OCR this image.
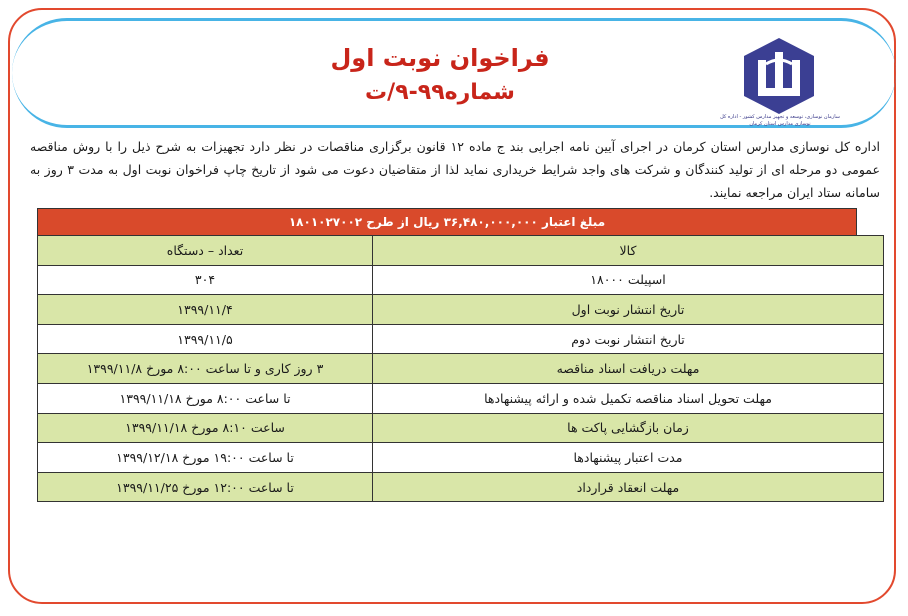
سازمان نوسازی، توسعه و تجهیز مدارس کشور - اداره کل نوسازی مدارس استان کرمان
فراخوان نوبت اول
شماره۹۹-۹/ت
اداره کل نوسازی مدارس استان کرمان در اجرای آیین نامه اجرایی بند ج ماده ۱۲ قانون برگزاری مناقصات در نظر دارد تجهیزات به شرح ذیل را با روش مناقصه عمومی دو مرحله ای از تولید کنندگان و شرکت های واجد شرایط خریداری نماید لذا از متقاضیان دعوت می شود از تاریخ چاپ فراخوان نوبت اول به مدت ۳ روز به سامانه ستاد ایران مراجعه نمایند.
مبلغ اعتبار ۳۶,۴۸۰,۰۰۰,۰۰۰ ریال از طرح ۱۸۰۱۰۲۷۰۰۲
کالا	تعداد – دستگاه
اسپیلت ۱۸۰۰۰	۳۰۴
تاریخ انتشار نوبت اول	۱۳۹۹/۱۱/۴
تاریخ انتشار نوبت دوم	۱۳۹۹/۱۱/۵
مهلت دریافت اسناد مناقصه	۳ روز کاری و تا ساعت ۸:۰۰ مورخ ۱۳۹۹/۱۱/۸
مهلت تحویل اسناد مناقصه تکمیل شده و ارائه پیشنهادها	تا ساعت ۸:۰۰ مورخ ۱۳۹۹/۱۱/۱۸
زمان بازگشایی پاکت ها	ساعت ۸:۱۰ مورخ ۱۳۹۹/۱۱/۱۸
مدت اعتبار پیشنهادها	تا ساعت ۱۹:۰۰ مورخ ۱۳۹۹/۱۲/۱۸
مهلت انعقاد قرارداد	تا ساعت ۱۲:۰۰ مورخ ۱۳۹۹/۱۱/۲۵
